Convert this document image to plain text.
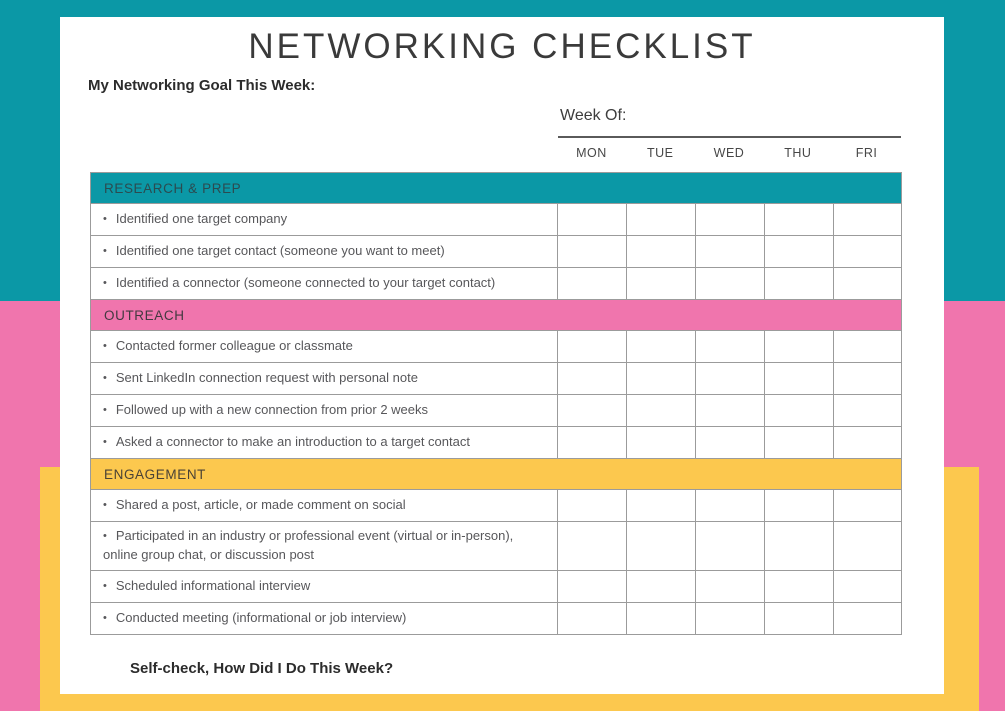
NETWORKING CHECKLIST
My Networking Goal This Week:
Week Of:
MON	TUE	WED	THU	FRI
RESEARCH & PREP					
• Identified one target company					
• Identified one target contact (someone you want to meet)					
• Identified a connector (someone connected to your target contact)					
OUTREACH					
• Contacted former colleague or classmate					
• Sent LinkedIn connection request with personal note					
• Followed up with a new connection from prior 2 weeks					
• Asked a connector to make an introduction to a target contact					
ENGAGEMENT					
• Shared a post, article, or made comment on social					
• Participated in an industry or professional event (virtual or in-person), online group chat, or discussion post					
• Scheduled informational interview					
• Conducted meeting (informational or job interview)					
Self-check, How Did I Do This Week?
